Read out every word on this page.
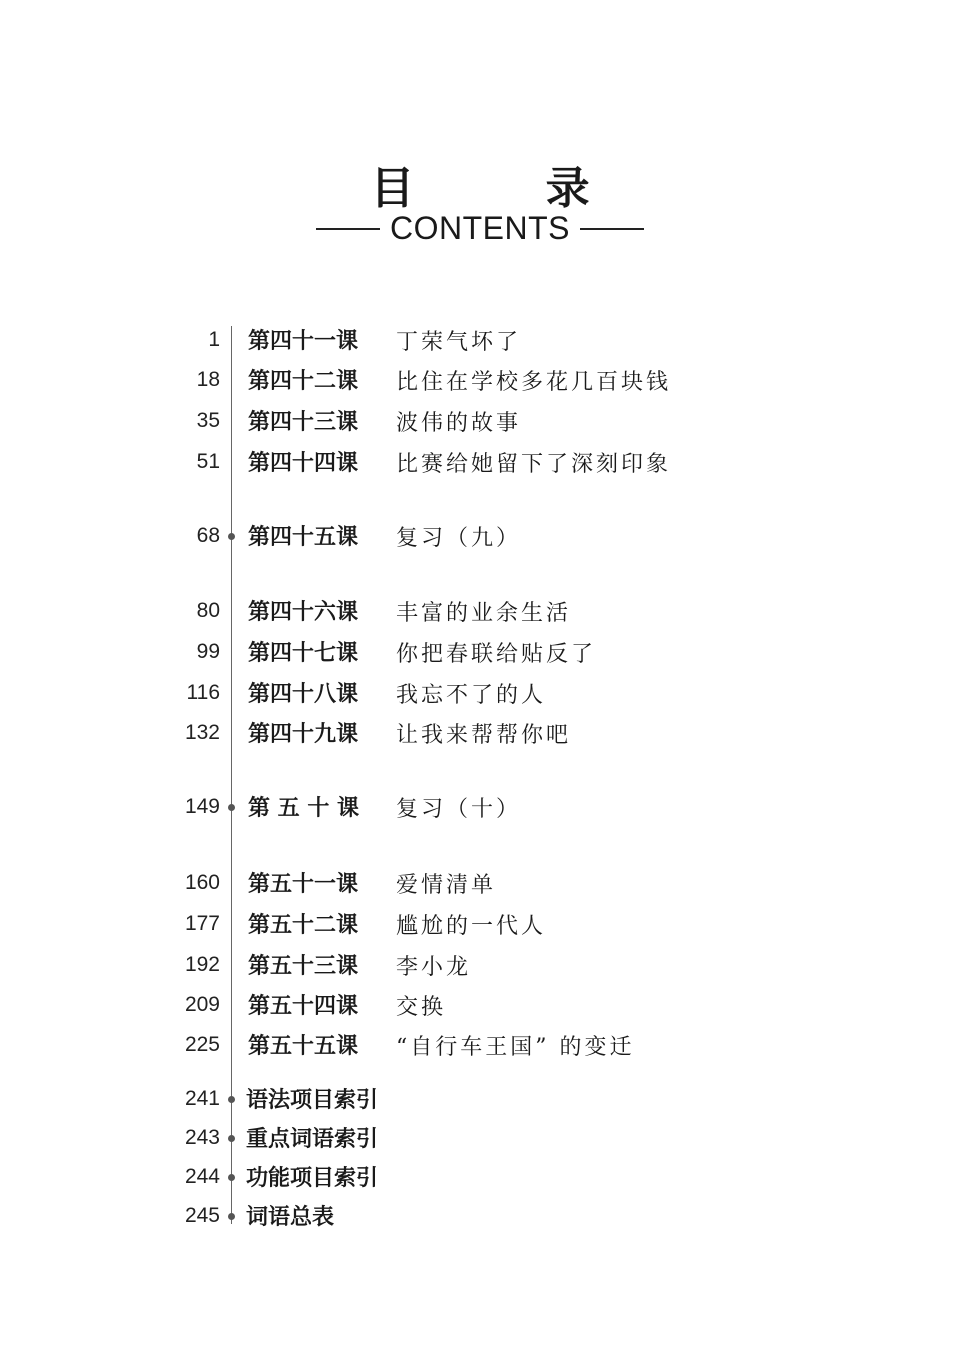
目 录
CONTENTS
1 第四十一课 丁荣气坏了
18 第四十二课 比住在学校多花几百块钱
35 第四十三课 波伟的故事
51 第四十四课 比赛给她留下了深刻印象
68 第四十五课 复习（九）
80 第四十六课 丰富的业余生活
99 第四十七课 你把春联给贴反了
116 第四十八课 我忘不了的人
132 第四十九课 让我来帮帮你吧
149 第 五 十 课 复习（十）
160 第五十一课 爱情清单
177 第五十二课 尴尬的一代人
192 第五十三课 李小龙
209 第五十四课 交换
225 第五十五课 “自行车王国” 的变迁
241 语法项目索引
243 重点词语索引
244 功能项目索引
245 词语总表
